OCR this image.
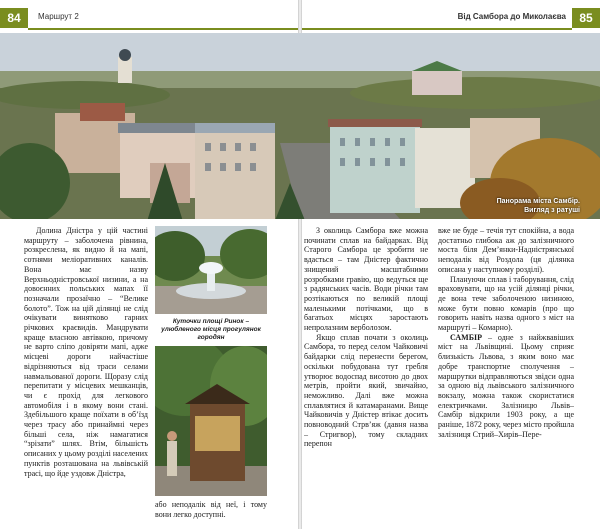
84	Маршрут 2	Від Самбора до Миколаєва	85
Панорама міста Самбір.
Вигляд з ратуші

Долина Дністра у цій частині маршруту – заболочена рівнина, розкреслена, як видно й на мапі, сотнями меліоративних каналів. Вона має назву Верхньодністровської низини, а на довоєнних польських мапах її позначали прозаїчно – “Велике болото”. Тож на цій ділянці не слід очікувати винятково гарних річкових краєвидів. Мандрувати краще власною автівкою, причому не варто сліпо довіряти мапі, адже місцеві дороги найчастіше відрізняються від траси селами навмальованої дороги. Щоразу слід перепитати у місцевих мешканців, чи є прохід для легкового автомобіля і в якому вони стані. Здебільшого краще поїхати в об’їзд через трасу або принаймні через більші села, ніж намагатися “зрізати” шлях. Втім, більшість описаних у цьому розділі населених пунктів розташована на львівській трасі, що йде уздовж Дністра,

Куточки площі Ринок – улюбленого місця прогулянок городян

або неподалік від неї, і тому вони легко доступні.

З околиць Самбора вже можна починати сплав на байдарках. Від Старого Самбора це зробити не вдасться – там Дністер фактично знищений масштабними розробками гравію, що ведуться ще з радянських часів. Води річки там розтікаються по великій площі маленькими потічками, що в багатьох місцях заростають непролазним верболозом.

Якщо сплав почати з околиць Самбора, то перед селом Чайковичі байдарки слід перенести берегом, оскільки побудована тут гребля утворює водоспад висотою до двох метрів, пройти який, звичайно, неможливо. Далі вже можна сплавлятися й катамаранами. Вище Чайковичів у Дністер втікає досить повноводний Стрв’яж (давня назва – Стригвор), тому складних перепон

вже не буде – течія тут спокійна, а вода достатньо глибока аж до залізничного моста біля Дем’янки-Надністрянської неподалік від Роздола (ця ділянка описана у наступному розділі).

Плануючи сплав і таборування, слід враховувати, що на усій ділянці річки, де вона тече заболоченою низиною, може бути повно комарів (про що говорить навіть назва одного з міст на маршруті – Комарно).

САМБІР – одне з найжвавіших міст на Львівщині. Цьому сприяє близькість Львова, з яким воно має добре транспортне сполучення – маршрутки відправляються звідси одна за одною від львівського залізничного вокзалу, можна також скористатися електричками. Залізницю Львів–Самбір відкрили 1903 року, а ще раніше, 1872 року, через місто пройшла залізниця Стрий–Хирів–Пере-
